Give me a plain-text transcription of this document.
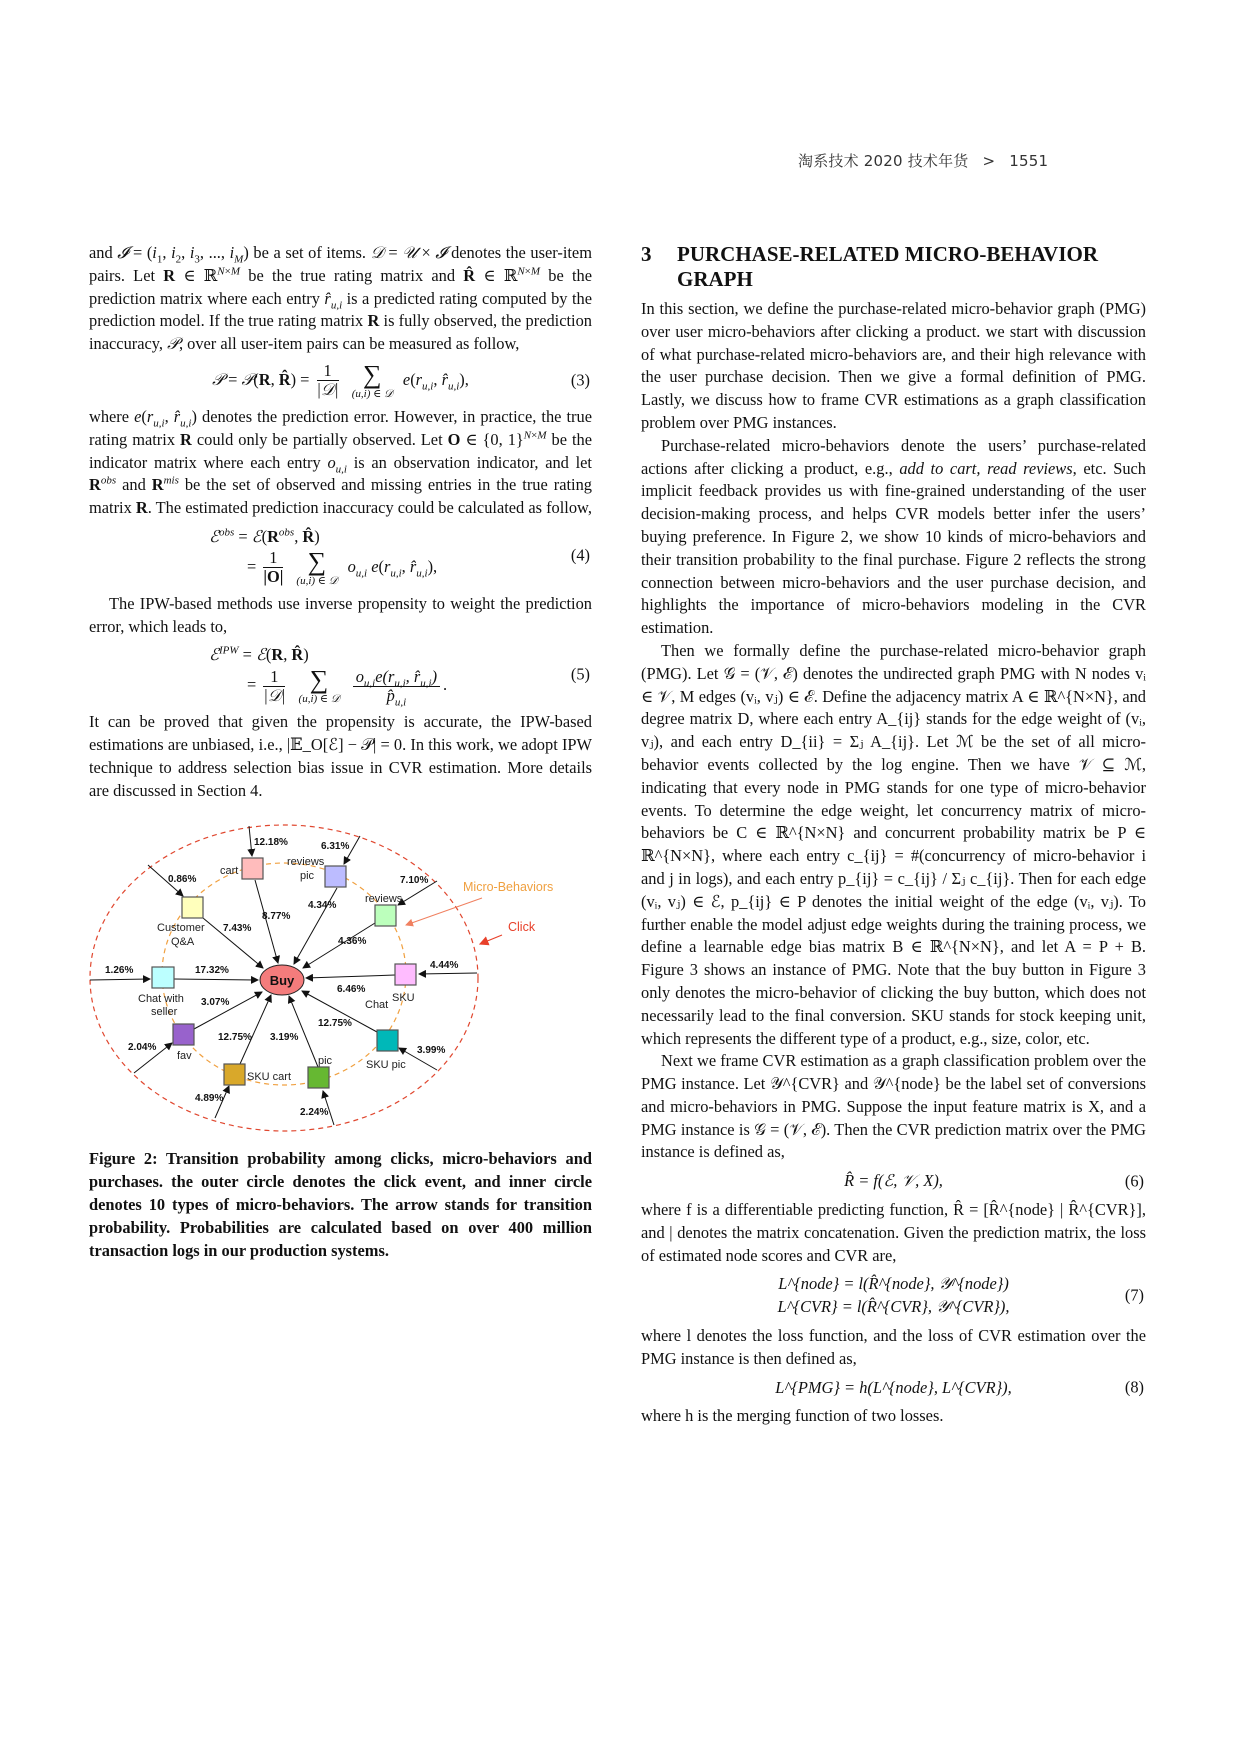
淘系技术 2020 技术年货 > 1551

and 𝓘 = ($i_1$, $i_2$, $i_3$, ..., $i_M$) be a set of items. 𝒟 = 𝒰 × 𝓘 denotes the user-item pairs. Let R ∈ ℝ$^{N\times M}$ be the true rating matrix and R̂ ∈ ℝ$^{N\times M}$ be the prediction matrix where each entry $r̂_{u,i}$ is a predicted rating computed by the prediction model. If the true rating matrix R is fully observed, the prediction inaccuracy, 𝒫, over all user-item pairs can be measured as follow,

𝒫 = 𝒫(R, R̂) = $\frac{1}{\text{|𝒟|}}$
∑
(u,i) ∈ 𝒟
$e(r_{u,i}$, $r̂_{u,i}$),	(3)

where $e(r_{u,i}$, $r̂_{u,i}$) denotes the prediction error. However, in practice, the true rating matrix R could only be partially observed. Let O ∈ {0, 1}$^{N\times M}$ be the indicator matrix where each entry $o_{u,i}$ is an observation indicator, and let $R^{obs}$ and $R^{mis}$ be the set of observed and missing entries in the true rating matrix R. The estimated prediction inaccuracy could be calculated as follow,

ℰ$^{obs}$ = $ℰ(R^{obs}$, R̂)
= $\frac{1}{|O|}$
∑
(u,i) ∈ 𝒟
$o_{u,i}$ $e(r_{u,i}$, $r̂_{u,i}$),
(4)

The IPW-based methods use inverse propensity to weight the prediction error, which leads to,

ℰ$^{IPW}$ = ℰ(R, R̂)
= $\frac{1}{\text{|𝒟|}}$
∑
(u,i) ∈ 𝒟
$\frac{o_{u,i}e(r_{u,i}, r̂_{u,i})}{p̂_{u,i}}$ .
(5)

It can be proved that given the propensity is accurate, the IPW-based estimations are unbiased, i.e., |𝔼_O[ℰ] − 𝒫| = 0. In this work, we adopt IPW technique to address selection bias issue in CVR estimation. More details are discussed in Section 4.

Buy
cart
reviews
pic
reviews
SKU
Chat
SKU pic
pic
SKU cart
fav
Chat with
seller
Customer
Q&A
12.18%	6.31%
7.10%
4.44%
3.99%
2.24%
4.89%
2.04%
1.26%
0.86%
8.77%
4.34%
4.36%
6.46%
12.75%
3.19%
12.75%
3.07%
17.32%
7.43%
Micro-Behaviors
Click

Figure 2: Transition probability among clicks, micro-behaviors and purchases. the outer circle denotes the click event, and inner circle denotes 10 types of micro-behaviors. The arrow stands for transition probability. Probabilities are calculated based on over 400 million transaction logs in our production systems.

3	PURCHASE-RELATED MICRO-BEHAVIOR GRAPH

In this section, we define the purchase-related micro-behavior graph (PMG) over user micro-behaviors after clicking a product. we start with discussion of what purchase-related micro-behaviors are, and their high relevance with the user purchase decision. Then we give a formal definition of PMG. Lastly, we discuss how to frame CVR estimations as a graph classification problem over PMG instances.

Purchase-related micro-behaviors denote the users’ purchase-related actions after clicking a product, e.g., add to cart, read reviews, etc. Such implicit feedback provides us with fine-grained understanding of the user decision-making process, and helps CVR models better infer the users’ buying preference. In Figure 2, we show 10 kinds of micro-behaviors and their transition probability to the final purchase. Figure 2 reflects the strong connection between micro-behaviors and the user purchase decision, and highlights the importance of micro-behaviors modeling in the CVR estimation.

Then we formally define the purchase-related micro-behavior graph (PMG). Let 𝒢 = (𝒱, ℰ) denotes the undirected graph PMG with N nodes vᵢ ∈ 𝒱, M edges (vᵢ, vⱼ) ∈ ℰ. Define the adjacency matrix A ∈ ℝ^{N×N}, and degree matrix D, where each entry A_{ij} stands for the edge weight of (vᵢ, vⱼ), and each entry D_{ii} = Σⱼ A_{ij}. Let ℳ be the set of all micro-behavior events collected by the log engine. Then we have 𝒱 ⊆ ℳ, indicating that every node in PMG stands for one type of micro-behavior events. To determine the edge weight, let concurrency matrix of micro-behaviors be C ∈ ℝ^{N×N} and concurrent probability matrix be P ∈ ℝ^{N×N}, where each entry c_{ij} = #(concurrency of micro-behavior i and j in logs), and each entry p_{ij} = c_{ij} / Σⱼ c_{ij}. Then for each edge (vᵢ, vⱼ) ∈ ℰ, p_{ij} ∈ P denotes the initial weight of the edge (vᵢ, vⱼ). To further enable the model adjust edge weights during the training process, we define a learnable edge bias matrix B ∈ ℝ^{N×N}, and let A = P + B. Figure 3 shows an instance of PMG. Note that the buy button in Figure 3 only denotes the micro-behavior of clicking the buy button, which does not necessarily lead to the final conversion. SKU stands for stock keeping unit, which represents the different type of a product, e.g., size, color, etc.

Next we frame CVR estimation as a graph classification problem over the PMG instance. Let 𝒴^{CVR} and 𝒴^{node} be the label set of conversions and micro-behaviors in PMG. Suppose the input feature matrix is X, and a PMG instance is 𝒢 = (𝒱, ℰ). Then the CVR prediction matrix over the PMG instance is defined as,

R̂ = f(ℰ, 𝒱, X),	(6)

where f is a differentiable predicting function, R̂ = [R̂^{node} | R̂^{CVR}], and | denotes the matrix concatenation. Given the prediction matrix, the loss of estimated node scores and CVR are,

L^{node} = l(R̂^{node}, 𝒴^{node})
L^{CVR} = l(R̂^{CVR}, 𝒴^{CVR}),
(7)

where l denotes the loss function, and the loss of CVR estimation over the PMG instance is then defined as,

L^{PMG} = h(L^{node}, L^{CVR}),	(8)

where h is the merging function of two losses.
